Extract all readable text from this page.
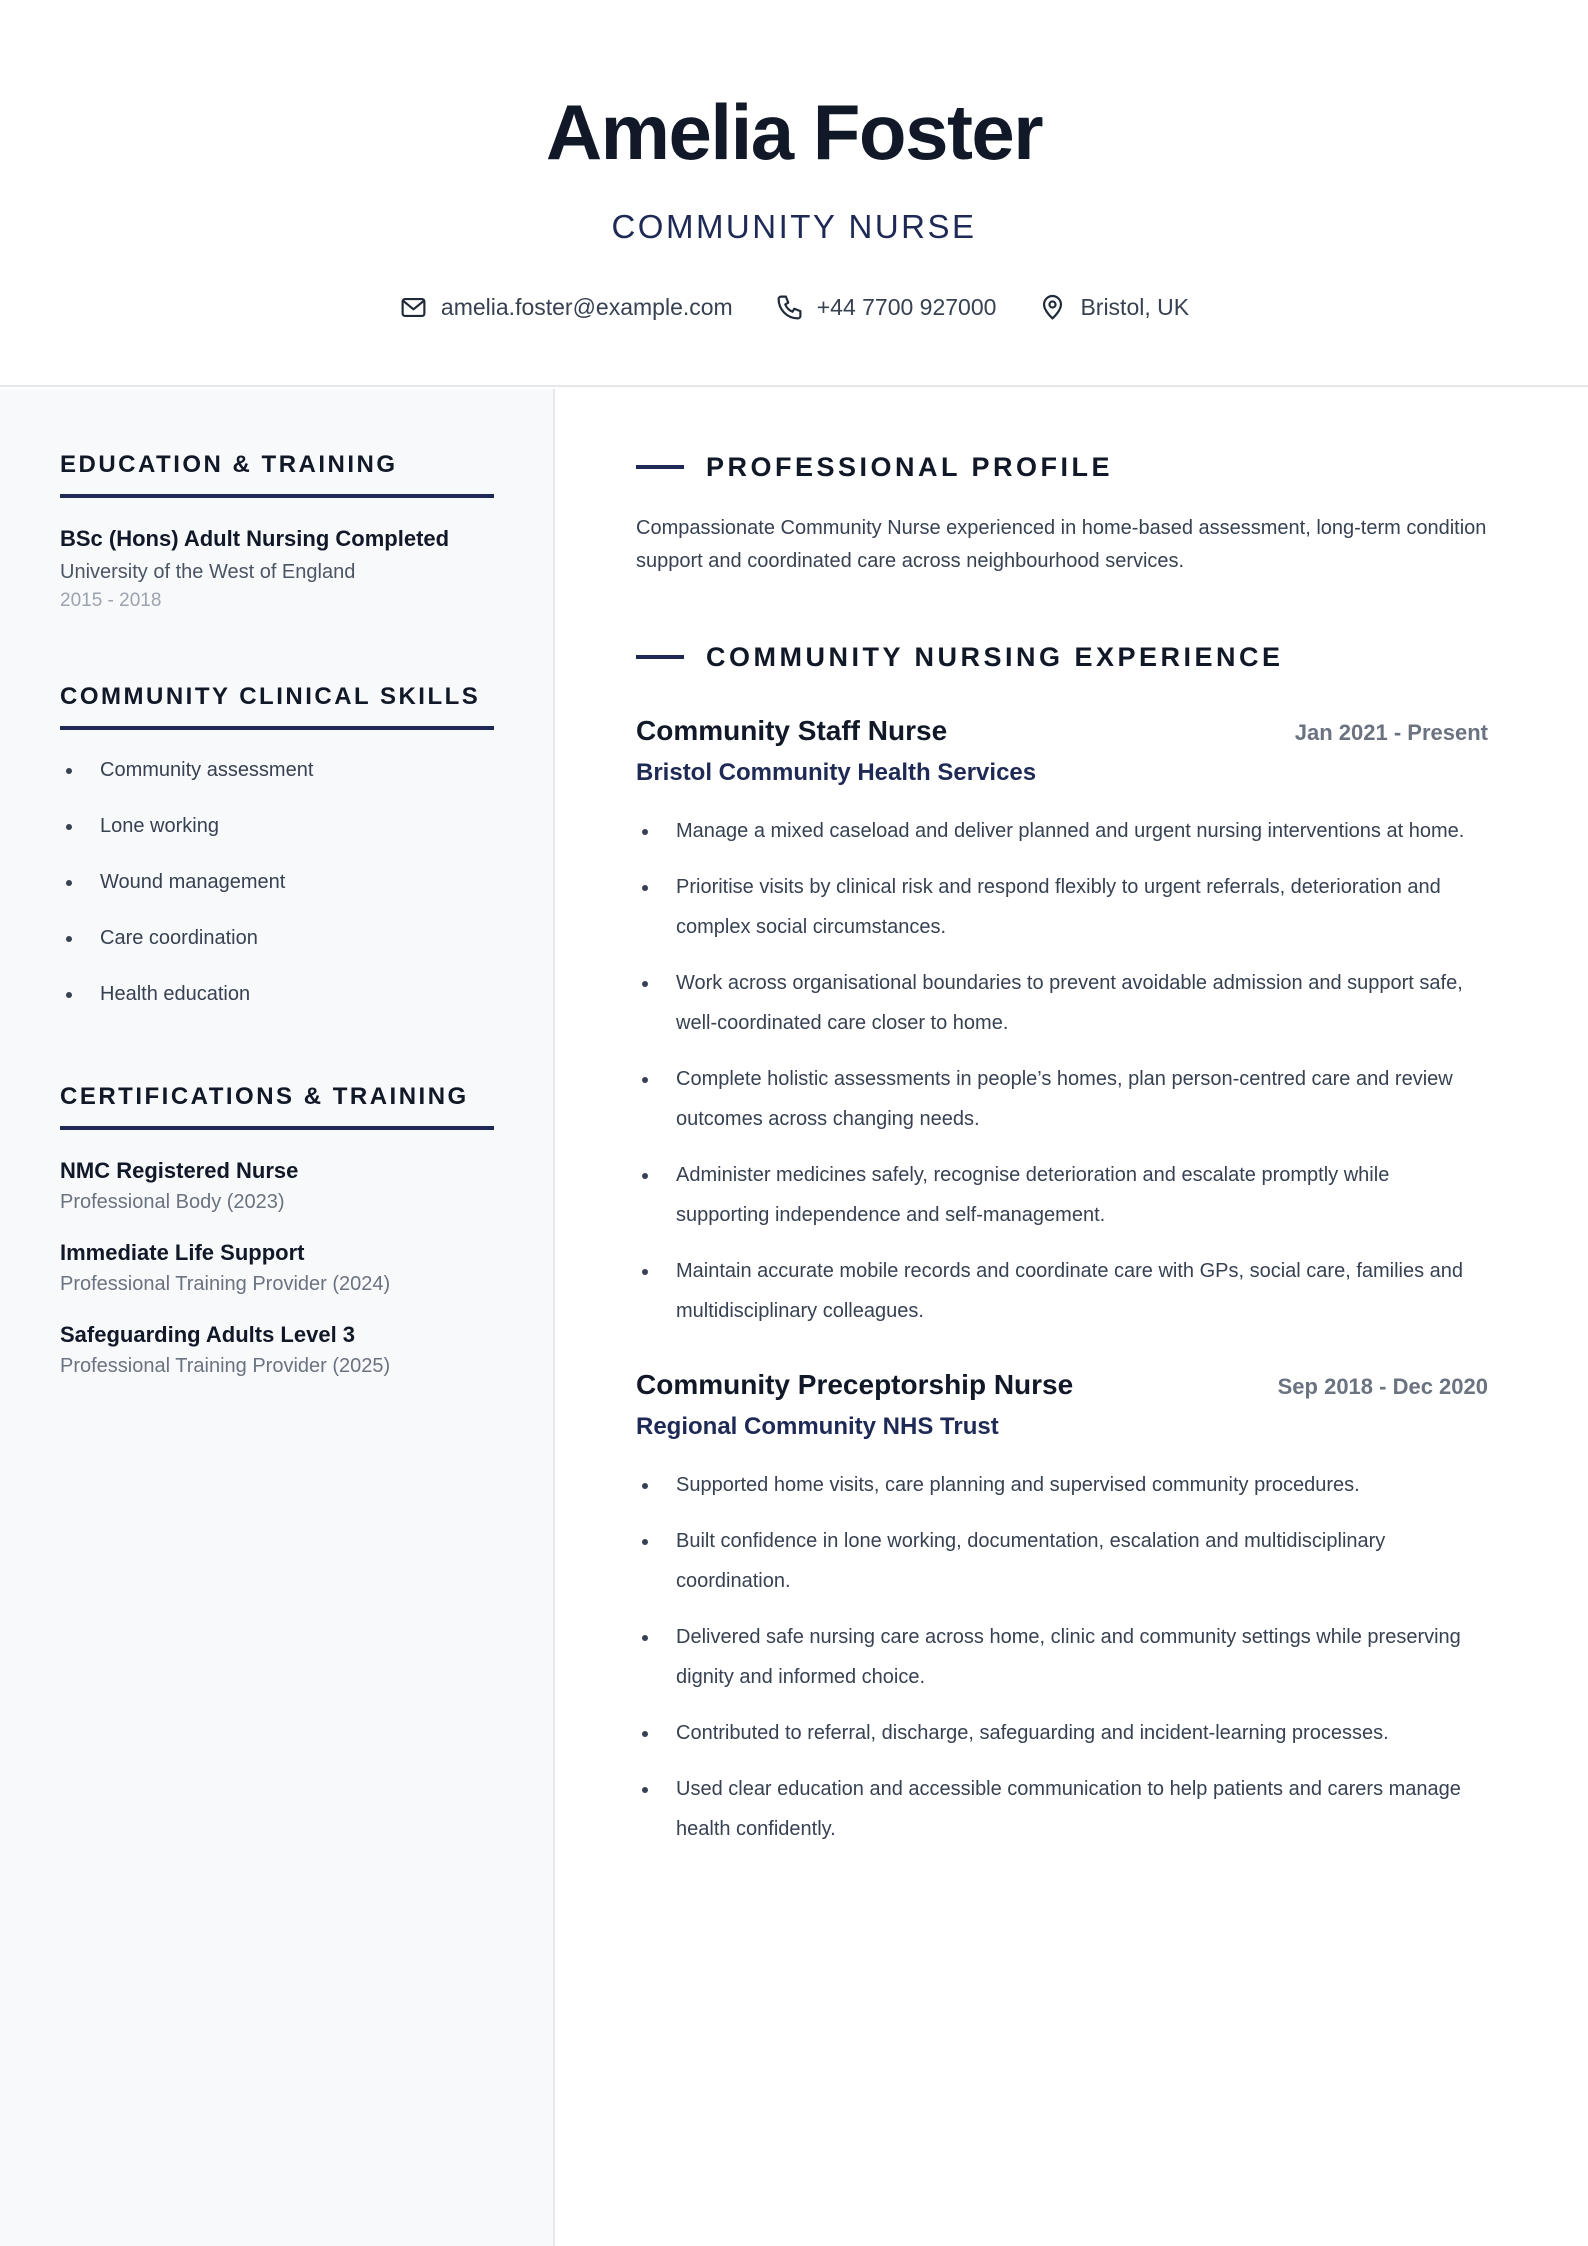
Amelia Foster
COMMUNITY NURSE
amelia.foster@example.com	+44 7700 927000	Bristol, UK
EDUCATION & TRAINING
BSc (Hons) Adult Nursing Completed
University of the West of England
2015 - 2018
COMMUNITY CLINICAL SKILLS
Community assessment
Lone working
Wound management
Care coordination
Health education
CERTIFICATIONS & TRAINING
NMC Registered Nurse
Professional Body (2023)
Immediate Life Support
Professional Training Provider (2024)
Safeguarding Adults Level 3
Professional Training Provider (2025)
PROFESSIONAL PROFILE
Compassionate Community Nurse experienced in home-based assessment, long-term condition support and coordinated care across neighbourhood services.
COMMUNITY NURSING EXPERIENCE
Community Staff Nurse	Jan 2021 - Present
Bristol Community Health Services
Manage a mixed caseload and deliver planned and urgent nursing interventions at home.
Prioritise visits by clinical risk and respond flexibly to urgent referrals, deterioration and complex social circumstances.
Work across organisational boundaries to prevent avoidable admission and support safe, well-coordinated care closer to home.
Complete holistic assessments in people’s homes, plan person-centred care and review outcomes across changing needs.
Administer medicines safely, recognise deterioration and escalate promptly while supporting independence and self-management.
Maintain accurate mobile records and coordinate care with GPs, social care, families and multidisciplinary colleagues.
Community Preceptorship Nurse	Sep 2018 - Dec 2020
Regional Community NHS Trust
Supported home visits, care planning and supervised community procedures.
Built confidence in lone working, documentation, escalation and multidisciplinary coordination.
Delivered safe nursing care across home, clinic and community settings while preserving dignity and informed choice.
Contributed to referral, discharge, safeguarding and incident-learning processes.
Used clear education and accessible communication to help patients and carers manage health confidently.
